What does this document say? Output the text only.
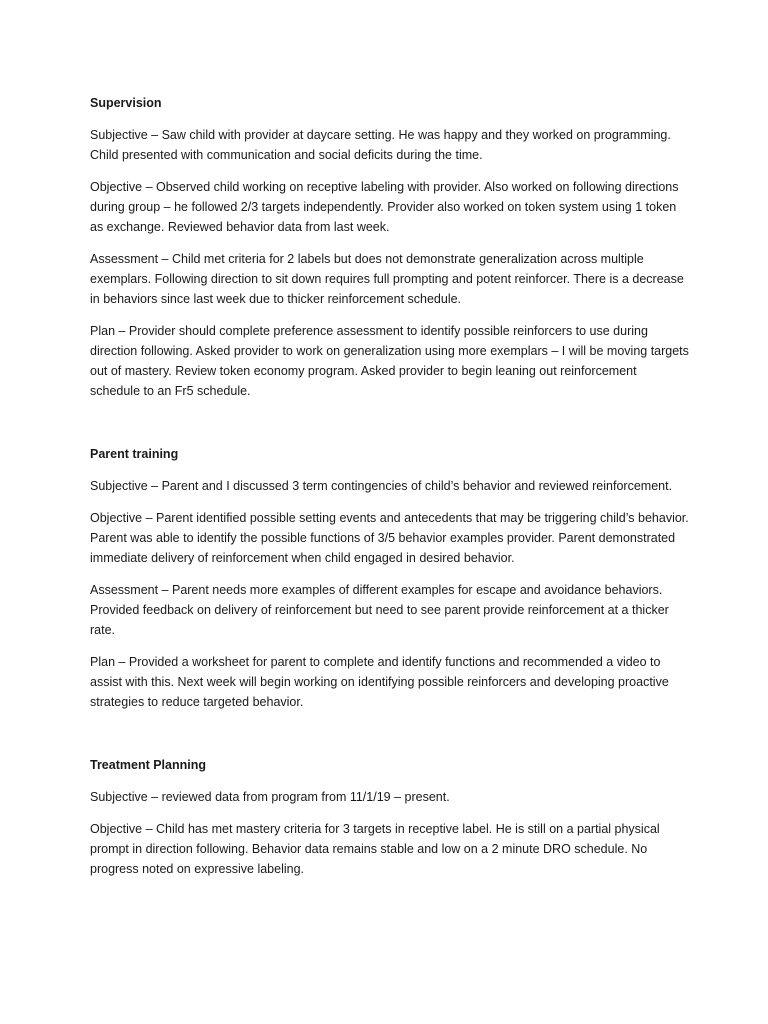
Supervision

Subjective – Saw child with provider at daycare setting. He was happy and they worked on programming. Child presented with communication and social deficits during the time.

Objective – Observed child working on receptive labeling with provider. Also worked on following directions during group – he followed 2/3 targets independently. Provider also worked on token system using 1 token as exchange. Reviewed behavior data from last week.

Assessment – Child met criteria for 2 labels but does not demonstrate generalization across multiple exemplars. Following direction to sit down requires full prompting and potent reinforcer. There is a decrease in behaviors since last week due to thicker reinforcement schedule.

Plan – Provider should complete preference assessment to identify possible reinforcers to use during direction following. Asked provider to work on generalization using more exemplars – I will be moving targets out of mastery. Review token economy program. Asked provider to begin leaning out reinforcement schedule to an Fr5 schedule.

Parent training

Subjective – Parent and I discussed 3 term contingencies of child’s behavior and reviewed reinforcement.

Objective – Parent identified possible setting events and antecedents that may be triggering child’s behavior. Parent was able to identify the possible functions of 3/5 behavior examples provider. Parent demonstrated immediate delivery of reinforcement when child engaged in desired behavior.

Assessment – Parent needs more examples of different examples for escape and avoidance behaviors. Provided feedback on delivery of reinforcement but need to see parent provide reinforcement at a thicker rate.

Plan – Provided a worksheet for parent to complete and identify functions and recommended a video to assist with this. Next week will begin working on identifying possible reinforcers and developing proactive strategies to reduce targeted behavior.

Treatment Planning

Subjective – reviewed data from program from 11/1/19 – present.

Objective – Child has met mastery criteria for 3 targets in receptive label. He is still on a partial physical prompt in direction following. Behavior data remains stable and low on a 2 minute DRO schedule. No progress noted on expressive labeling.
